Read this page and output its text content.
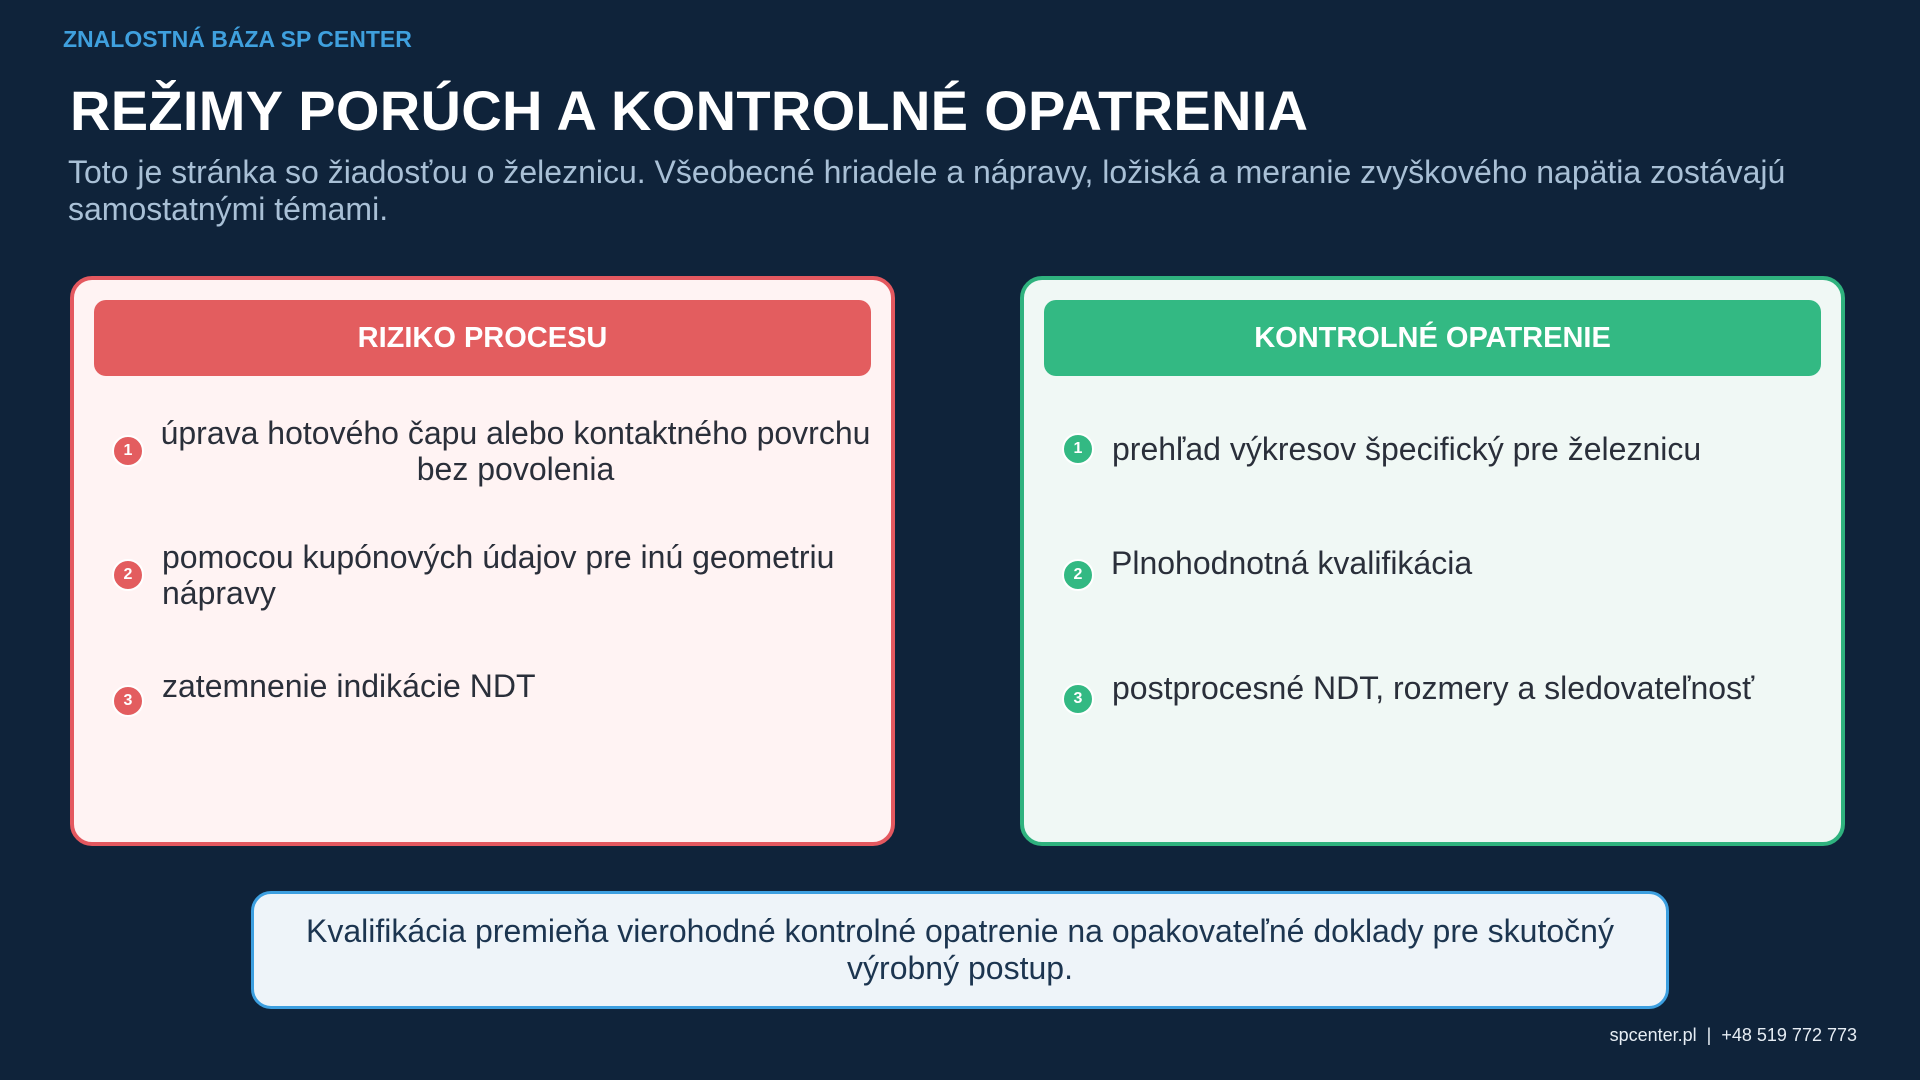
ZNALOSTNÁ BÁZA SP CENTER
REŽIMY PORÚCH A KONTROLNÉ OPATRENIA
Toto je stránka so žiadosťou o železnicu. Všeobecné hriadele a nápravy, ložiská a meranie zvyškového napätia zostávajú samostatnými témami.
RIZIKO PROCESU
1 úprava hotového čapu alebo kontaktného povrchu bez povolenia
2 pomocou kupónových údajov pre inú geometriu nápravy
3 zatemnenie indikácie NDT
KONTROLNÉ OPATRENIE
1 prehľad výkresov špecifický pre železnicu
2 Plnohodnotná kvalifikácia
3 postprocesné NDT, rozmery a sledovateľnosť
Kvalifikácia premieňa vierohodné kontrolné opatrenie na opakovateľné doklady pre skutočný výrobný postup.
spcenter.pl | +48 519 772 773
